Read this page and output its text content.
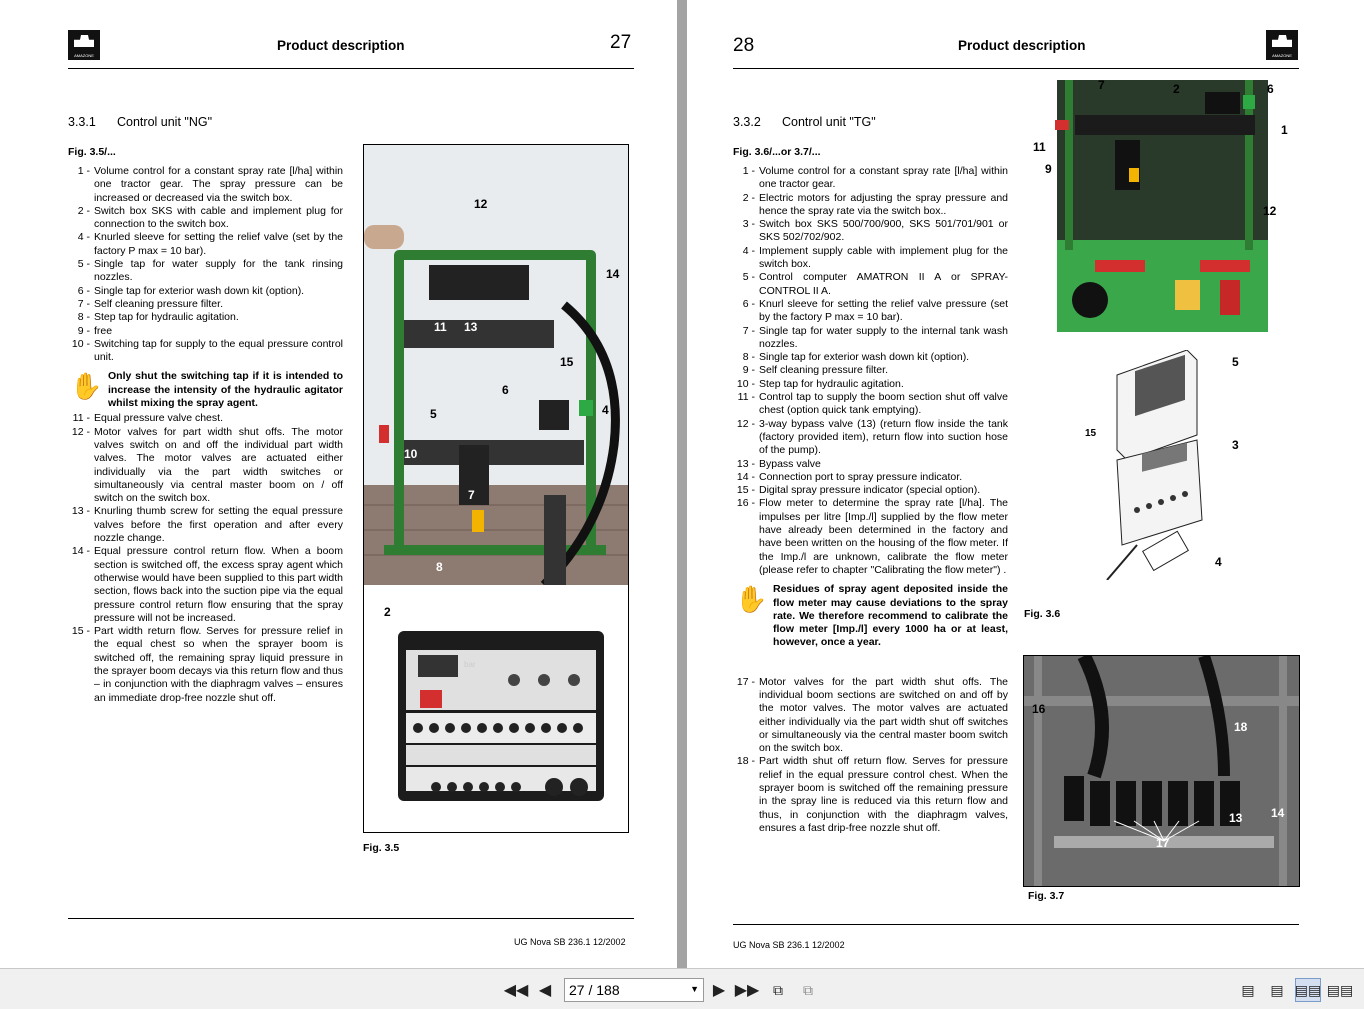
AMAZONE
Product description	27
3.3.1 Control unit "NG"
Fig. 3.5/...
1 - Volume control for a constant spray rate [l/ha] within one tractor gear. The spray pressure can be increased or decreased via the switch box.
2 - Switch box SKS with cable and implement plug for connection to the switch box.
4 - Knurled sleeve for setting the relief valve (set by the factory P max = 10 bar).
5 - Single tap for water supply for the tank rinsing nozzles.
6 - Single tap for exterior wash down kit (option).
7 - Self cleaning pressure filter.
8 - Step tap for hydraulic agitation.
9 - free
10 - Switching tap for supply to the equal pressure control unit.
✋ Only shut the switching tap if it is intended to increase the intensity of the hydraulic agitator whilst mixing the spray agent.
11 - Equal pressure valve chest.
12 - Motor valves for part width shut offs. The motor valves switch on and off the individual part width valves. The motor valves are actuated either individually via the part width switches or simultaneously via central master boom on / off switch on the switch box.
13 - Knurling thumb screw for setting the equal pressure valves before the first operation and after every nozzle change.
14 - Equal pressure control return flow. When a boom section is switched off, the excess spray agent which otherwise would have been supplied to this part width section, flows back into the suction pipe via the equal pressure control return flow ensuring that the spray pressure will not be increased.
15 - Part width return flow. Serves for pressure relief in the equal chest so when the sprayer boom is switched off, the remaining spray liquid pressure in the sprayer boom decays via this return flow and thus – in conjunction with the diaphragm valves – ensures an immediate drop-free nozzle shut off.
12
14
11 13
15
6
5	4
10
7
8
2
bar
Fig. 3.5
UG Nova SB 236.1 12/2002
28	Product description
AMAZONE
3.3.2 Control unit "TG"
Fig. 3.6/...or 3.7/...
1 - Volume control for a constant spray rate [l/ha] within one tractor gear.
2 - Electric motors for adjusting the spray pressure and hence the spray rate via the switch box..
3 - Switch box SKS 500/700/900, SKS 501/701/901 or SKS 502/702/902.
4 - Implement supply cable with implement plug for the switch box.
5 - Control computer AMATRON II A or SPRAY-CONTROL II A.
6 - Knurl sleeve for setting the relief valve pressure (set by the factory P max = 10 bar).
7 - Single tap for water supply to the internal tank wash nozzles.
8 - Single tap for exterior wash down kit (option).
9 - Self cleaning pressure filter.
10 - Step tap for hydraulic agitation.
11 - Control tap to supply the boom section shut off valve chest (option quick tank emptying).
12 - 3-way bypass valve (13) (return flow inside the tank (factory provided item), return flow into suction hose of the pump).
13 - Bypass valve
14 - Connection port to spray pressure indicator.
15 - Digital spray pressure indicator (special option).
16 - Flow meter to determine the spray rate [l/ha]. The impulses per litre [Imp./l] supplied by the flow meter have already been determined in the factory and have been written on the housing of the flow meter. If the Imp./l are unknown, calibrate the flow meter (please refer to chapter "Calibrating the flow meter") .
✋ Residues of spray agent deposited inside the flow meter may cause deviations to the spray rate. We therefore recommend to calibrate the flow meter [Imp./l] every 1000 ha or at least, however, once a year.
17 - Motor valves for the part width shut offs. The individual boom sections are switched on and off by the motor valves. The motor valves are actuated either individually via the part width shut off switches or simultaneously via the central master boom switch on the switch box.
18 - Part width shut off return flow. Serves for pressure relief in the equal pressure control chest. When the sprayer boom is switched off the remaining pressure in the spray line is reduced via this return flow and thus, in conjunction with the diaphragm valves, ensures a fast drip-free nozzle shut off.
7	2	6
1
11
9
12
5
15
3
4
Fig. 3.6
16
18
13 14
17
Fig. 3.7
UG Nova SB 236.1 12/2002
◀◀ ◀	▶ ▶▶ ⧉	⧉	▤	▤ ▤▤ ▤▤
27 / 188	▼
